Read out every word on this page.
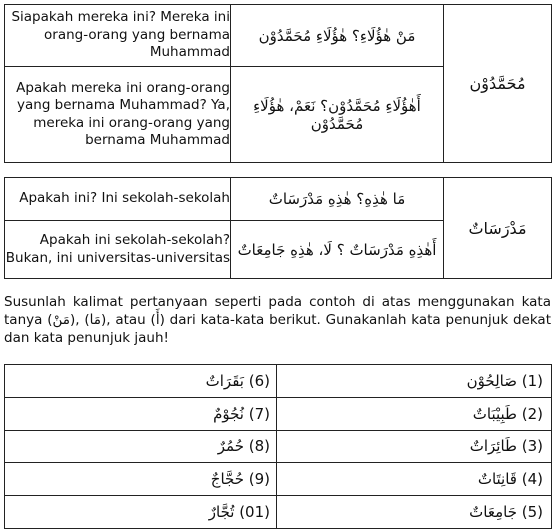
Siapakah mereka ini? Mereka ini orang-orang yang bernama Muhammad	مَنْ هٰؤُلَاءِ؟ هٰؤُلَاءِ مُحَمَّدُوْن	مُحَمَّدُوْن
Apakah mereka ini orang-orang yang bernama Muhammad? Ya, mereka ini orang-orang yang bernama Muhammad	أَهٰؤُلَاءِ مُحَمَّدُوْن؟ نَعَمْ، هٰؤُلَاءِ مُحَمَّدُوْن	
Apakah ini? Ini sekolah-sekolah	مَا هٰذِهِ؟ هٰذِهِ مَدْرَسَاتٌ	مَدْرَسَاتٌ
Apakah ini sekolah-sekolah? Bukan, ini universitas-universitas	أَهٰذِهِ مَدْرَسَاتٌ ؟ لَا، هٰذِهِ جَامِعَاتٌ	
Susunlah kalimat pertanyaan seperti pada contoh di atas menggunakan kata tanya (مَنْ), (مَا), atau (أَ) dari kata-kata berikut. Gunakanlah kata penunjuk dekat dan kata penunjuk jauh!
(6) بَقَرَاتٌ	(1) صَالِحُوْن
(7) نُجُوْمٌ	(2) طَبِيْبَاتٌ
(8) حُمُرٌ	(3) طَائِرَاتٌ
(9) حُجَّاجٌ	(4) قَانِتَاتٌ
(01) تُجَّارٌ	(5) جَامِعَاتٌ
